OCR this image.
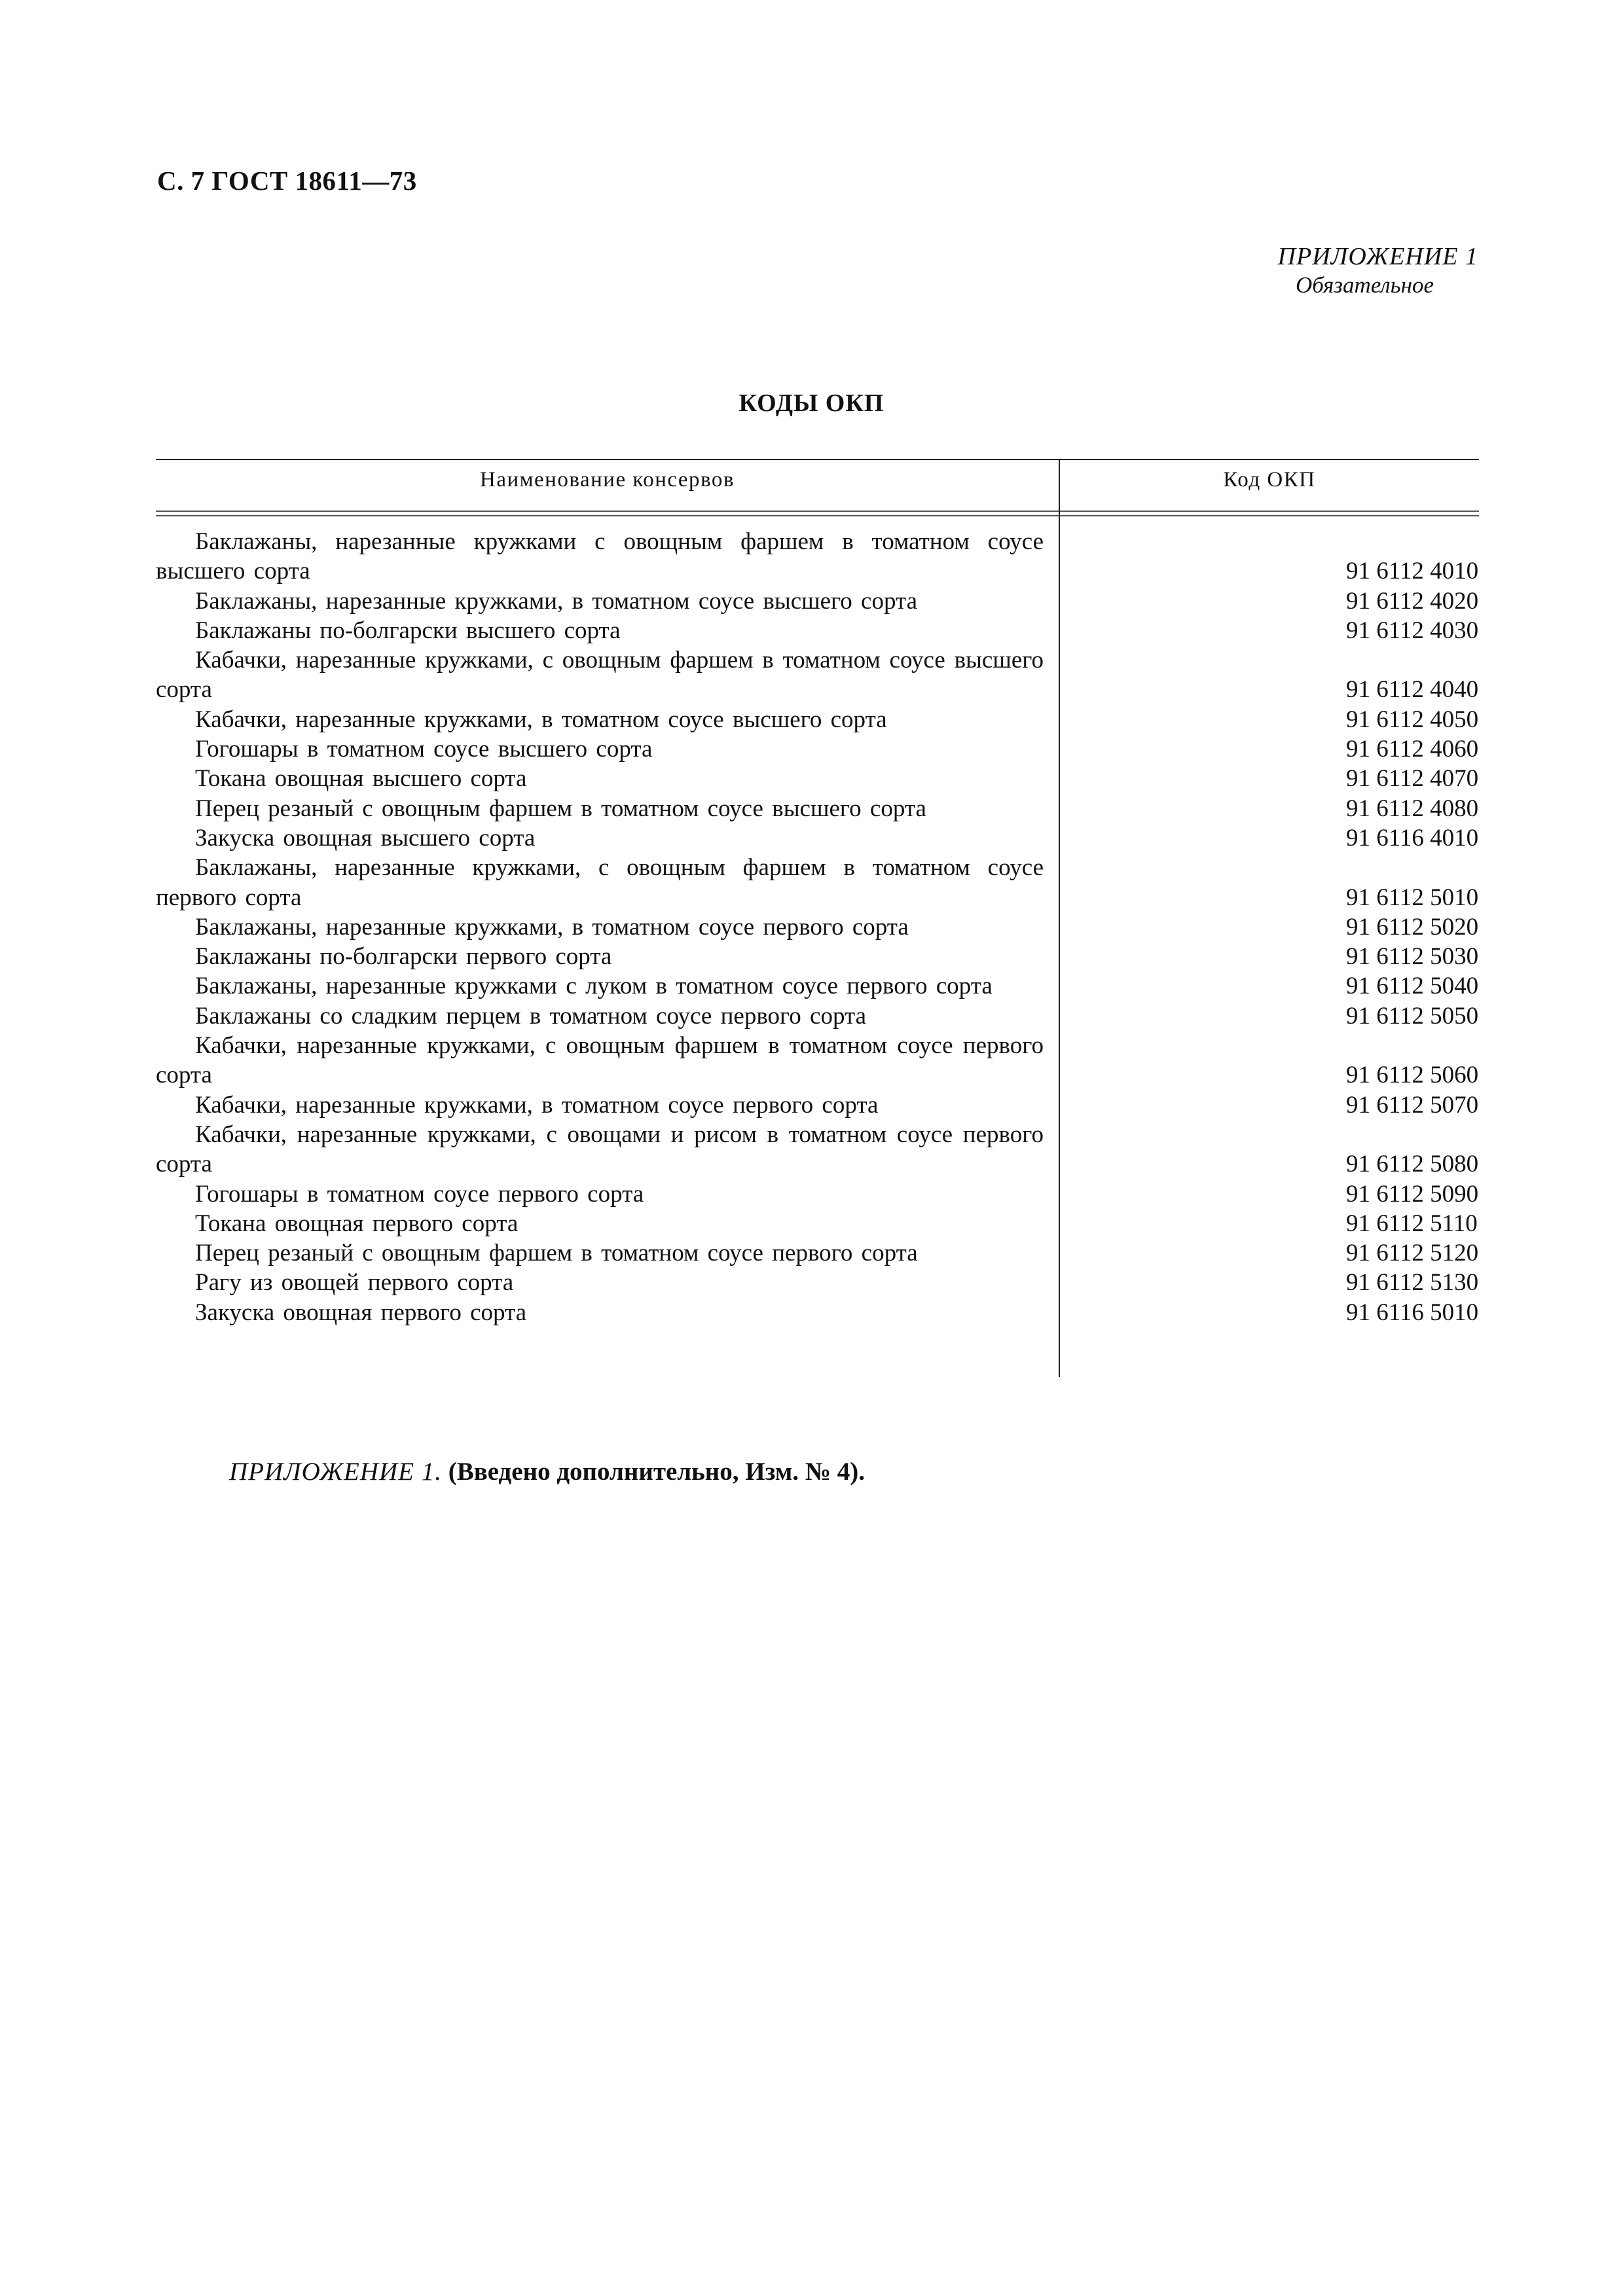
С. 7 ГОСТ 18611—73
ПРИЛОЖЕНИЕ 1
Обязательное
КОДЫ ОКП
Наименование консервов	Код ОКП
Баклажаны, нарезанные кружками с овощным фаршем в томатном соусе высшего сорта	91 6112 4010
Баклажаны, нарезанные кружками, в томатном соусе высшего сорта	91 6112 4020
Баклажаны по-болгарски высшего сорта	91 6112 4030
Кабачки, нарезанные кружками, с овощным фаршем в томатном соусе высшего сорта	91 6112 4040
Кабачки, нарезанные кружками, в томатном соусе высшего сорта	91 6112 4050
Гогошары в томатном соусе высшего сорта	91 6112 4060
Токана овощная высшего сорта	91 6112 4070
Перец резаный с овощным фаршем в томатном соусе высшего сорта	91 6112 4080
Закуска овощная высшего сорта	91 6116 4010
Баклажаны, нарезанные кружками, с овощным фаршем в томатном соусе первого сорта	91 6112 5010
Баклажаны, нарезанные кружками, в томатном соусе первого сорта	91 6112 5020
Баклажаны по-болгарски первого сорта	91 6112 5030
Баклажаны, нарезанные кружками с луком в томатном соусе первого сорта	91 6112 5040
Баклажаны со сладким перцем в томатном соусе первого сорта	91 6112 5050
Кабачки, нарезанные кружками, с овощным фаршем в томатном соусе первого сорта	91 6112 5060
Кабачки, нарезанные кружками, в томатном соусе первого сорта	91 6112 5070
Кабачки, нарезанные кружками, с овощами и рисом в томатном соусе первого сорта	91 6112 5080
Гогошары в томатном соусе первого сорта	91 6112 5090
Токана овощная первого сорта	91 6112 5110
Перец резаный с овощным фаршем в томатном соусе первого сорта	91 6112 5120
Рагу из овощей первого сорта	91 6112 5130
Закуска овощная первого сорта	91 6116 5010
ПРИЛОЖЕНИЕ 1. (Введено дополнительно, Изм. № 4).
